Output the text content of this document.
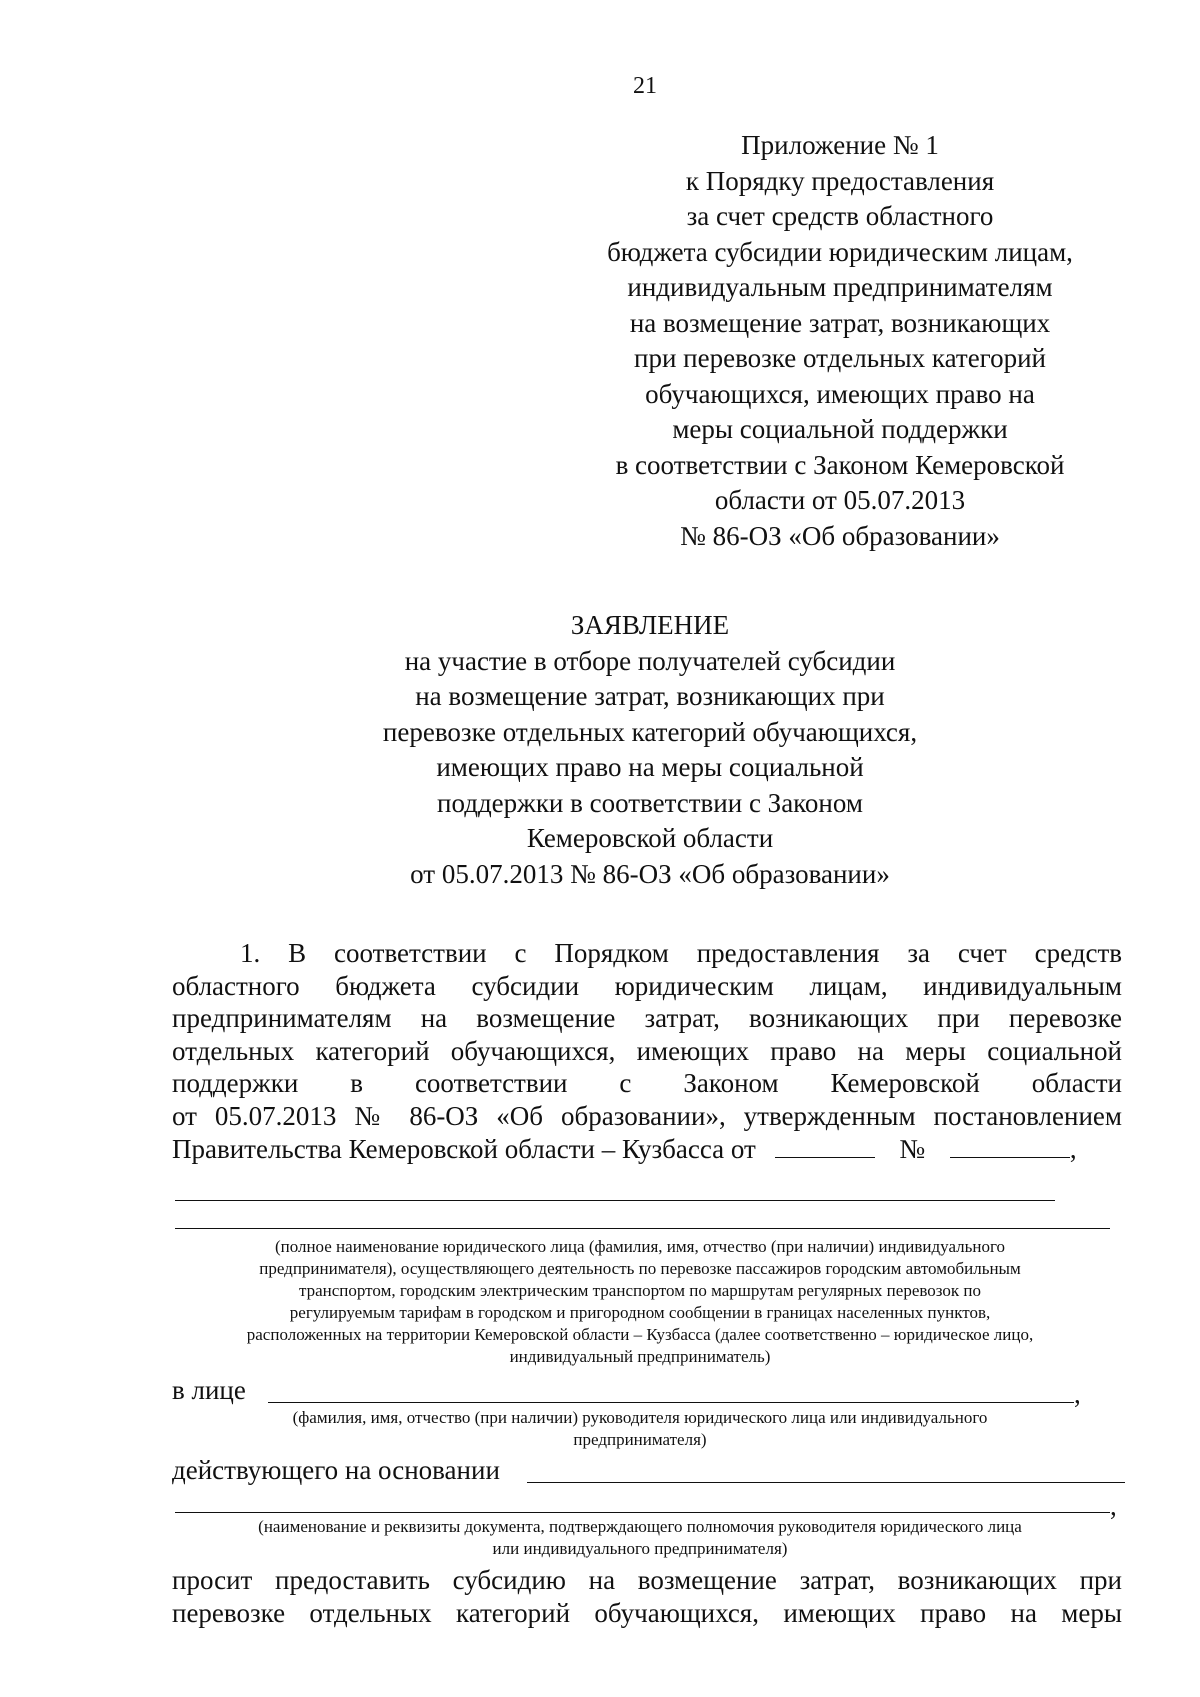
21
Приложение № 1
к Порядку предоставления
за счет средств областного
бюджета субсидии юридическим лицам,
индивидуальным предпринимателям
на возмещение затрат, возникающих
при перевозке отдельных категорий
обучающихся, имеющих право на
меры социальной поддержки
в соответствии с Законом Кемеровской
области от 05.07.2013
№ 86-ОЗ «Об образовании»
ЗАЯВЛЕНИЕ
на участие в отборе получателей субсидии
на возмещение затрат, возникающих при
перевозке отдельных категорий обучающихся,
имеющих право на меры социальной
поддержки в соответствии с Законом
Кемеровской области
от 05.07.2013 № 86-ОЗ «Об образовании»
1. В соответствии с Порядком предоставления за счет средств
областного бюджета субсидии юридическим лицам, индивидуальным
предпринимателям на возмещение затрат, возникающих при перевозке
отдельных категорий обучающихся, имеющих право на меры социальной
поддержки в соответствии с Законом Кемеровской области
от 05.07.2013 № 86-ОЗ «Об образовании», утвержденным постановлением
Правительства Кемеровской области – Кузбасса от	№	,
(полное наименование юридического лица (фамилия, имя, отчество (при наличии) индивидуального
предпринимателя), осуществляющего деятельность по перевозке пассажиров городским автомобильным
транспортом, городским электрическим транспортом по маршрутам регулярных перевозок по
регулируемым тарифам в городском и пригородном сообщении в границах населенных пунктов,
расположенных на территории Кемеровской области – Кузбасса (далее соответственно – юридическое лицо,
индивидуальный предприниматель)
в лице	,
(фамилия, имя, отчество (при наличии) руководителя юридического лица или индивидуального
предпринимателя)
действующего на основании
,
(наименование и реквизиты документа, подтверждающего полномочия руководителя юридического лица
или индивидуального предпринимателя)
просит предоставить субсидию на возмещение затрат, возникающих при
перевозке отдельных категорий обучающихся, имеющих право на меры
